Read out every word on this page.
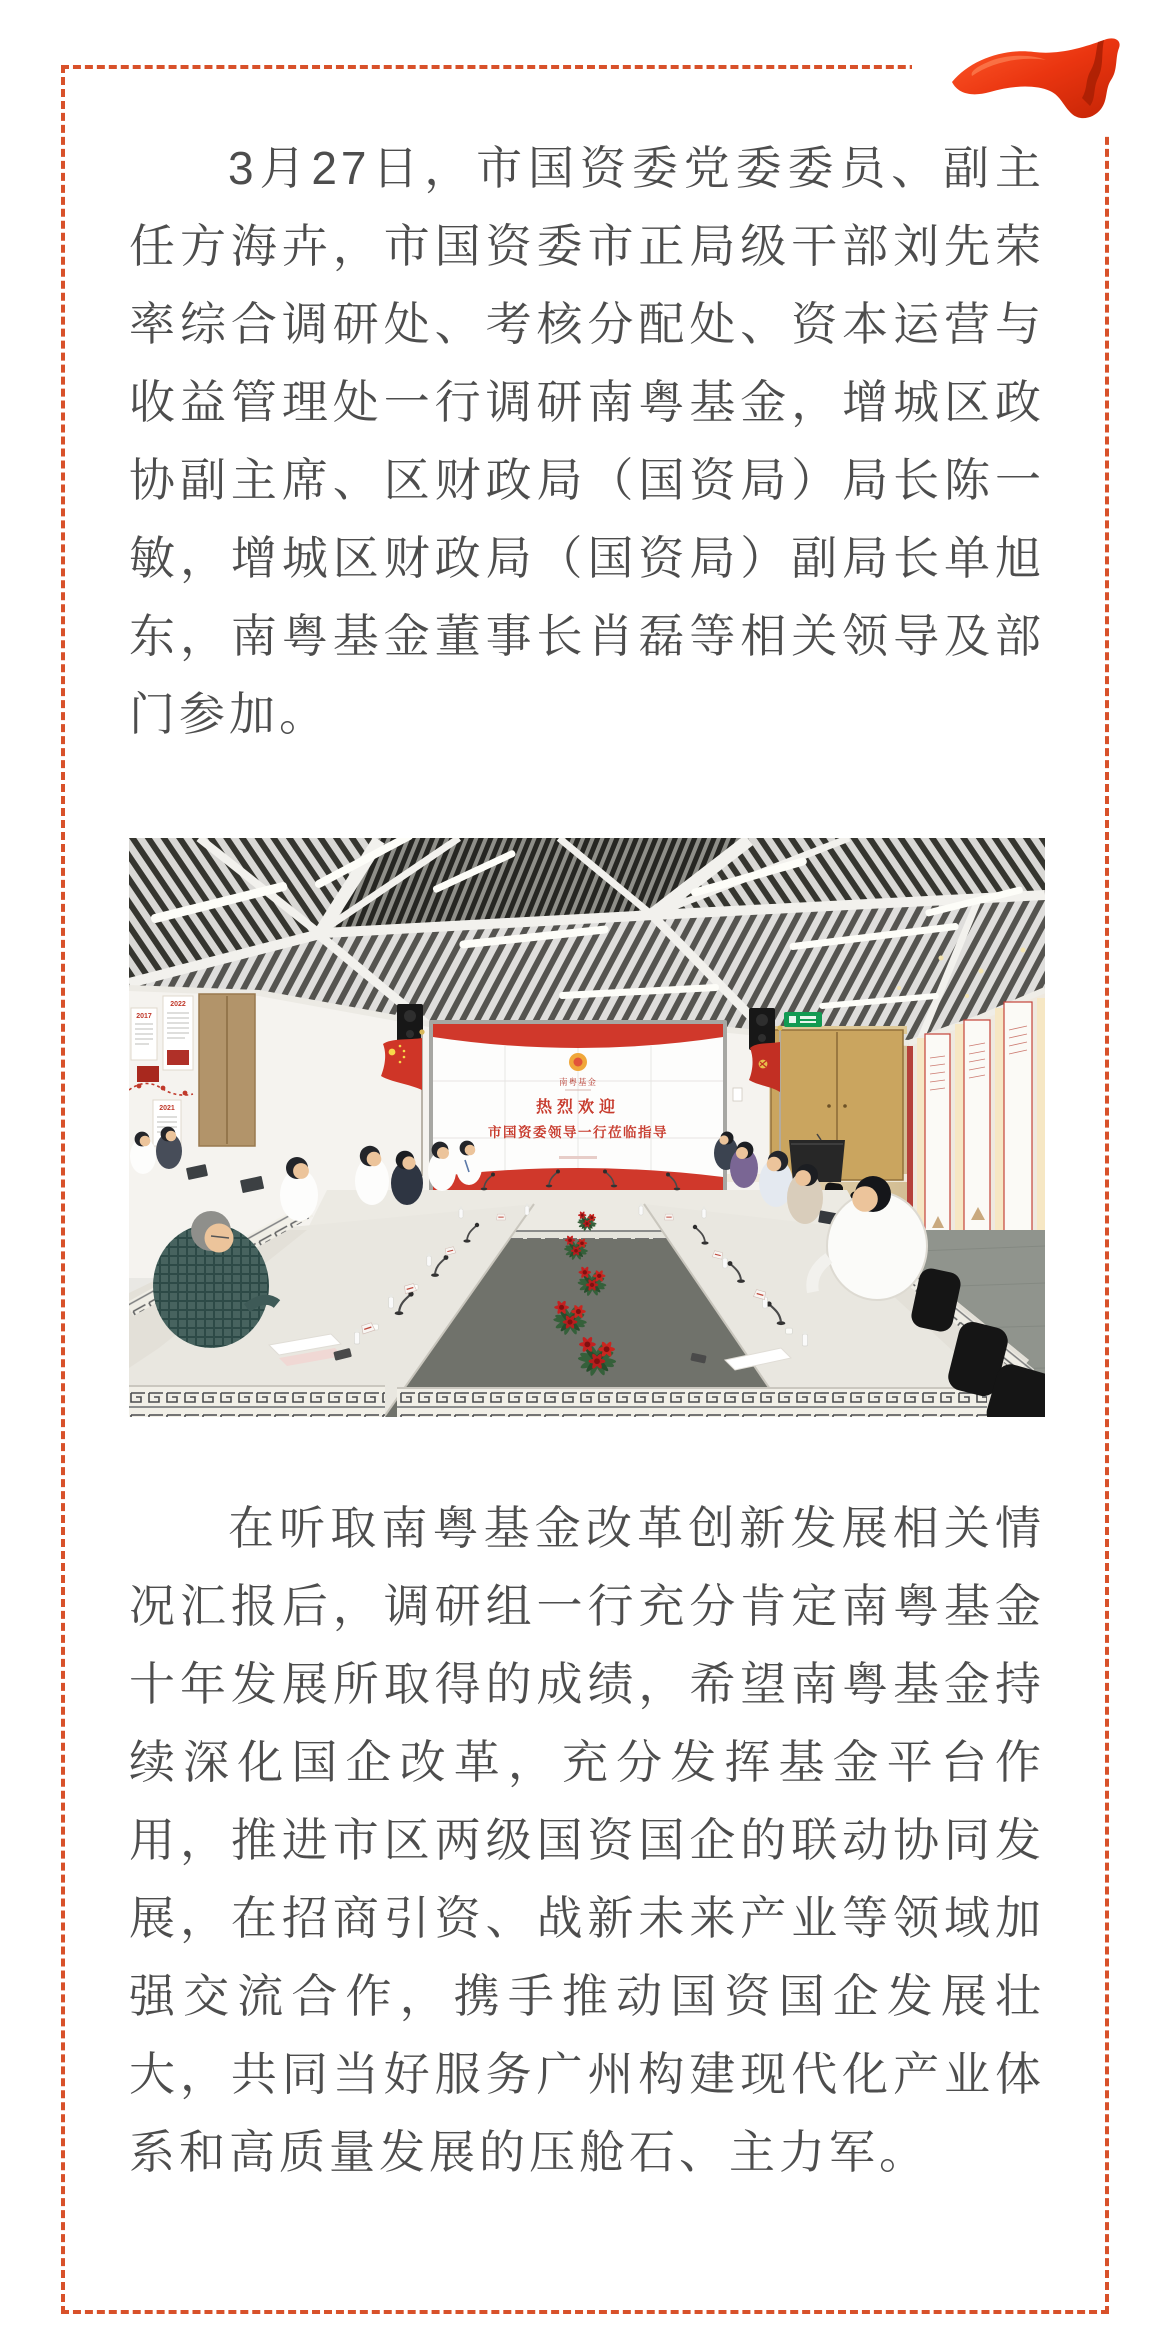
3月27日，市国资委党委委员、副主任方海卉，市国资委市正局级干部刘先荣率综合调研处、考核分配处、资本运营与收益管理处一行调研南粤基金，增城区政协副主席、区财政局（国资局）局长陈一敏，增城区财政局（国资局）副局长单旭东，南粤基金董事长肖磊等相关领导及部门参加。

2017
2022
2021
南粤基金
热烈欢迎
市国资委领导一行莅临指导

在听取南粤基金改革创新发展相关情况汇报后，调研组一行充分肯定南粤基金十年发展所取得的成绩，希望南粤基金持续深化国企改革，充分发挥基金平台作用，推进市区两级国资国企的联动协同发展，在招商引资、战新未来产业等领域加强交流合作，携手推动国资国企发展壮大，共同当好服务广州构建现代化产业体系和高质量发展的压舱石、主力军。
